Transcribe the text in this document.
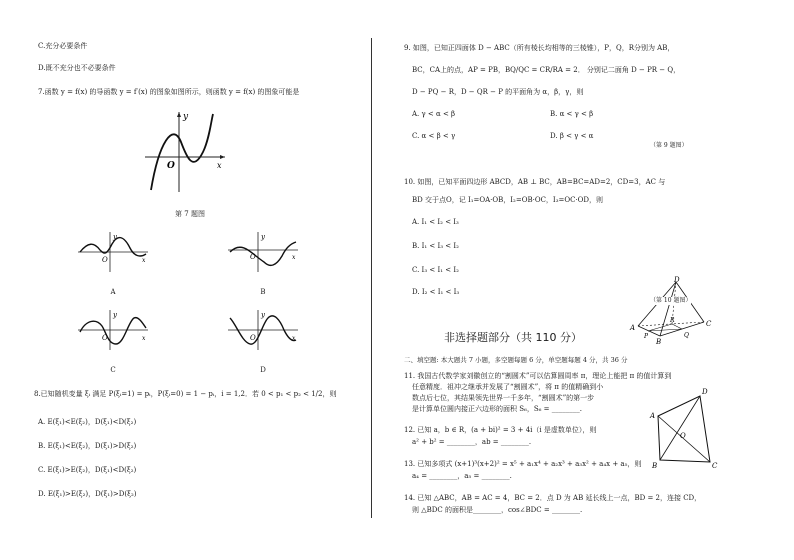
C.充分必要条件
D.既不充分也不必要条件
7.函数 y = f(x) 的导函数 y = f′(x) 的图象如图所示，则函数 y = f(x) 的图象可能是
y
x
O
第 7 题图
y
x
O
A
y
x
O
B
y
x
O
C
y
x
O
D
8.已知随机变量 ξᵢ 满足 P(ξᵢ=1) = pᵢ，P(ξᵢ=0) = 1 − pᵢ，i = 1,2．若 0 < p₁ < p₂ < 1/2，则
A. E(ξ₁)<E(ξ₂)，D(ξ₁)<D(ξ₂)
B. E(ξ₁)<E(ξ₂)，D(ξ₁)>D(ξ₂)
C. E(ξ₁)>E(ξ₂)，D(ξ₁)<D(ξ₂)
D. E(ξ₁)>E(ξ₂)，D(ξ₁)>D(ξ₂)
9. 如图，已知正四面体 D − ABC（所有棱长均相等的三棱锥），P，Q，R分别为 AB，
BC，CA上的点，AP = PB，BQ/QC = CR/RA = 2． 分别记二面角 D − PR − Q，
D − PQ − R，D − QR − P 的平面角为 α，β，γ，则
A. γ < α < β	B. α < γ < β
C. α < β < γ	D. β < γ < α
（第 9 题图）
10. 如图，已知平面四边形 ABCD，AB ⊥ BC，AB=BC=AD=2，CD=3，AC 与
BD 交于点O，记 I₁=OA·OB，I₂=OB·OC，I₃=OC·OD，则
A. I₁ < I₂ < I₃
B. I₁ < I₃ < I₂
C. I₃ < I₁ < I₂
D. I₂ < I₁ < I₃
D
A
B
C
P	Q
R
（第 10 题图）
非选择题部分（共 110 分）
二、填空题: 本大题共 7 小题，多空题每题 6 分，单空题每题 4 分，共 36 分
11. 我国古代数学家刘徽创立的“割圆术”可以估算圆周率 π，理论上能把 π 的值计算到
任意精度．祖冲之继承并发展了“割圆术”，将 π 的值精确到小
数点后七位，其结果领先世界一千多年，“割圆术”的第一步
是计算单位圆内接正六边形的面积 S₆，S₆ = ________.
12. 已知 a，b ∈ R，(a + bi)² = 3 + 4i（i 是虚数单位），则
a² + b² = ________，ab = ________.
13. 已知多项式 (x+1)³(x+2)² = x⁵ + a₁x⁴ + a₂x³ + a₃x² + a₄x + a₅，则
a₄ = ________，a₅ = ________.
14. 已知 △ABC，AB = AC = 4，BC = 2．点 D 为 AB 延长线上一点，BD = 2，连接 CD，
则 △BDC 的面积是________，cos∠BDC = ________.
D
A
B	C
O
